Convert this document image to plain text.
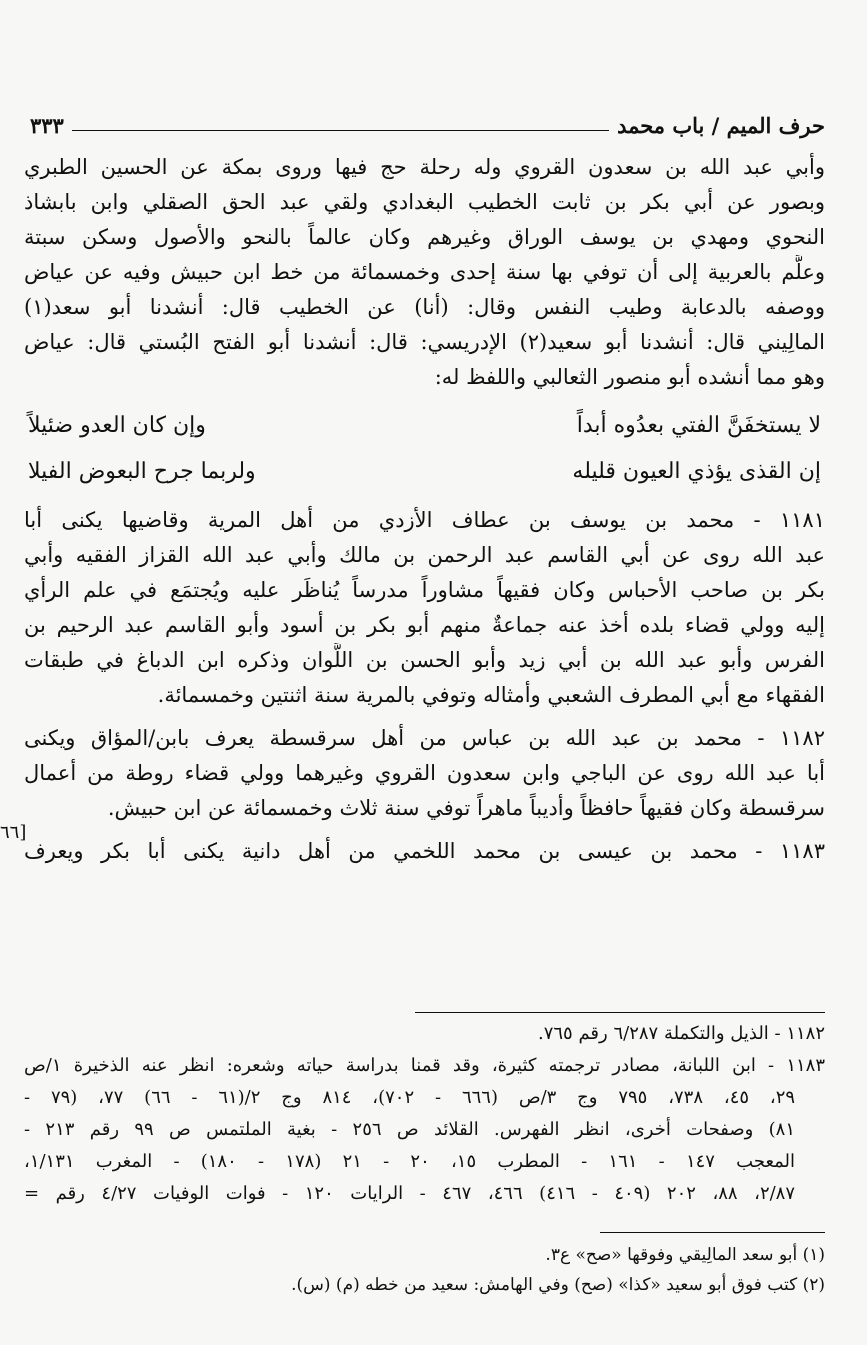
حرف الميم / باب محمد
٣٣٣
[٦٦
وأبي عبد الله بن سعدون القروي وله رحلة حج فيها وروى بمكة عن الحسين الطبري
وبصور عن أبي بكر بن ثابت الخطيب البغدادي ولقي عبد الحق الصقلي وابن بابشاذ
النحوي ومهدي بن يوسف الوراق وغيرهم وكان عالماً بالنحو والأصول وسكن سبتة
وعلَّم بالعربية إلى أن توفي بها سنة إحدى وخمسمائة من خط ابن حبيش وفيه عن عياض
ووصفه بالدعابة وطيب النفس وقال: (أنا) عن الخطيب قال: أنشدنا أبو سعد(١)
المالِيني قال: أنشدنا أبو سعيد(٢) الإدريسي: قال: أنشدنا أبو الفتح البُستي قال: عياض
وهو مما أنشده أبو منصور الثعالبي واللفظ له:
لا يستخفَنَّ الفتي بعدُوه أبداً
وإن كان العدو ضئيلاً
إن القذى يؤذي العيون قليله
ولربما جرح البعوض الفيلا
١١٨١ - محمد بن يوسف بن عطاف الأزدي من أهل المرية وقاضيها يكنى أبا
عبد الله روى عن أبي القاسم عبد الرحمن بن مالك وأبي عبد الله القزاز الفقيه وأبي
بكر بن صاحب الأحباس وكان فقيهاً مشاوراً مدرساً يُناظَر عليه ويُجتمَع في علم الرأي
إليه وولي قضاء بلده أخذ عنه جماعةٌ منهم أبو بكر بن أسود وأبو القاسم عبد الرحيم بن
الفرس وأبو عبد الله بن أبي زيد وأبو الحسن بن اللَّوان وذكره ابن الدباغ في طبقات
الفقهاء مع أبي المطرف الشعبي وأمثاله وتوفي بالمرية سنة اثنتين وخمسمائة.
١١٨٢ - محمد بن عبد الله بن عباس من أهل سرقسطة يعرف بابن/المؤاق ويكنى
أبا عبد الله روى عن الباجي وابن سعدون القروي وغيرهما وولي قضاء روطة من أعمال
سرقسطة وكان فقيهاً حافظاً وأديباً ماهراً توفي سنة ثلاث وخمسمائة عن ابن حبيش.
١١٨٣ - محمد بن عيسى بن محمد اللخمي من أهل دانية يكنى أبا بكر ويعرف
١١٨٢ - الذيل والتكملة ٦/٢٨٧ رقم ٧٦٥.
١١٨٣ - ابن اللبانة، مصادر ترجمته كثيرة، وقد قمنا بدراسة حياته وشعره: انظر عنه الذخيرة ١/ص
٢٩، ٤٥، ٧٣٨، ٧٩٥ وج ٣/ص (٦٦٦ - ٧٠٢)، ٨١٤ وج ٢/(٦١ - ٦٦) ٧٧، (٧٩ -
٨١) وصفحات أخرى، انظر الفهرس. القلائد ص ٢٥٦ - بغية الملتمس ص ٩٩ رقم ٢١٣ -
المعجب ١٤٧ - ١٦١ - المطرب ١٥، ٢٠ - ٢١ (١٧٨ - ١٨٠) - المغرب ١/١٣١،
٢/٨٧، ٨٨، ٢٠٢ (٤٠٩ - ٤١٦) ٤٦٦، ٤٦٧ - الرايات ١٢٠ - فوات الوفيات ٤/٢٧ رقم =
(١) أبو سعد المالِيقي وفوقها «صح» ع٣.
(٢) كتب فوق أبو سعيد «كذا» (صح) وفي الهامش: سعيد من خطه (م) (س).
